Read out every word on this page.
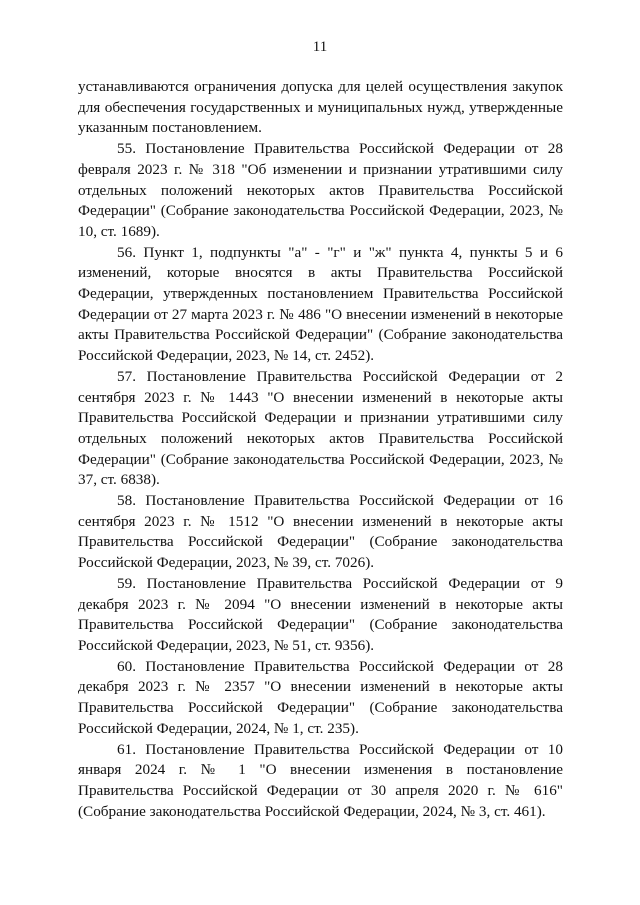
11

устанавливаются ограничения допуска для целей осуществления закупок для обеспечения государственных и муниципальных нужд, утвержденные указанным постановлением.

55. Постановление Правительства Российской Федерации от 28 февраля 2023 г. № 318 "Об изменении и признании утратившими силу отдельных положений некоторых актов Правительства Российской Федерации" (Собрание законодательства Российской Федерации, 2023, № 10, ст. 1689).

56. Пункт 1, подпункты "а" - "г" и "ж" пункта 4, пункты 5 и 6 изменений, которые вносятся в акты Правительства Российской Федерации, утвержденных постановлением Правительства Российской Федерации от 27 марта 2023 г. № 486 "О внесении изменений в некоторые акты Правительства Российской Федерации" (Собрание законодательства Российской Федерации, 2023, № 14, ст. 2452).

57. Постановление Правительства Российской Федерации от 2 сентября 2023 г. № 1443 "О внесении изменений в некоторые акты Правительства Российской Федерации и признании утратившими силу отдельных положений некоторых актов Правительства Российской Федерации" (Собрание законодательства Российской Федерации, 2023, № 37, ст. 6838).

58. Постановление Правительства Российской Федерации от 16 сентября 2023 г. № 1512 "О внесении изменений в некоторые акты Правительства Российской Федерации" (Собрание законодательства Российской Федерации, 2023, № 39, ст. 7026).

59. Постановление Правительства Российской Федерации от 9 декабря 2023 г. № 2094 "О внесении изменений в некоторые акты Правительства Российской Федерации" (Собрание законодательства Российской Федерации, 2023, № 51, ст. 9356).

60. Постановление Правительства Российской Федерации от 28 декабря 2023 г. № 2357 "О внесении изменений в некоторые акты Правительства Российской Федерации" (Собрание законодательства Российской Федерации, 2024, № 1, ст. 235).

61. Постановление Правительства Российской Федерации от 10 января 2024 г. № 1 "О внесении изменения в постановление Правительства Российской Федерации от 30 апреля 2020 г. № 616" (Собрание законодательства Российской Федерации, 2024, № 3, ст. 461).
